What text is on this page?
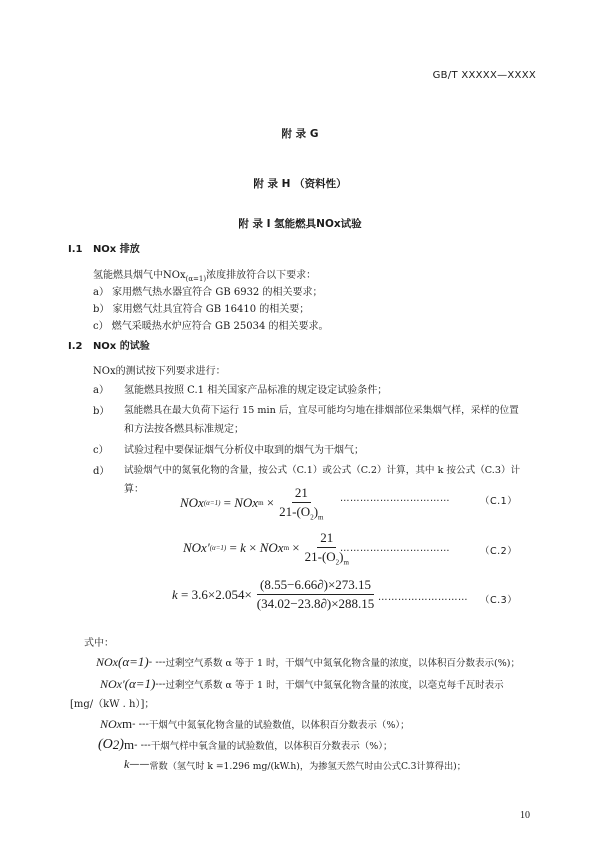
GB/T XXXXX—XXXX
附 录 G
附 录 H （资料性）
附 录 I 氢能燃具NOx试验
I.1 NOx 排放
氢能燃具烟气中NOx$_{(\alpha=1)}$浓度排放符合以下要求：
a） 家用燃气热水器宜符合 GB 6932 的相关要求；
b） 家用燃气灶具宜符合 GB 16410 的相关要；
c） 燃气采暖热水炉应符合 GB 25034 的相关要求。
I.2 NOx 的试验
NOx的测试按下列要求进行：
a） 氢能燃具按照 C.1 相关国家产品标准的规定设定试验条件；
b） 氢能燃具在最大负荷下运行 15 min 后，宜尽可能均匀地在排烟部位采集烟气样，采样的位置
和方法按各燃具标准规定；
c） 试验过程中要保证烟气分析仪中取到的烟气为干烟气；
d） 试验烟气中的氮氧化物的含量，按公式（C.1）或公式（C.2）计算，其中 k 按公式（C.3）计
算：
NOx (α=1) = NOx $m \times \frac{21}{21-(O_2)_m}$ ……………………………	（C.1）
NOx′ (α=1) = k × NOx $m \times \frac{21}{21-(O_2)_m}$
……………………………	（C.2）
$k = 3.6\times 2.054\times \frac{(8.55-6.66\partial)\times 273.15}{(34.02-23.8\partial)\times 288.15}$ ……………………… （C.3）
式中：
NOx (α=1) - --- 过剩空气系数 α 等于 1 时，干烟气中氮氧化物含量的浓度，以体积百分数表示(%)；
NOx′ (α=1) --- 过剩空气系数 α 等于 1 时，干烟气中氮氧化物含量的浓度，以毫克每千瓦时表示
[mg/（kW . h）]；
NOx m - --- 干烟气中氮氧化物含量的试验数值，以体积百分数表示（%）；
(O 2 ) m - --- 干烟气样中氧含量的试验数值，以体积百分数表示（%）；
k —— 常数（氢气时 k =1.296 mg/(kW.h)，为掺氢天然气时由公式C.3计算得出)；
10
